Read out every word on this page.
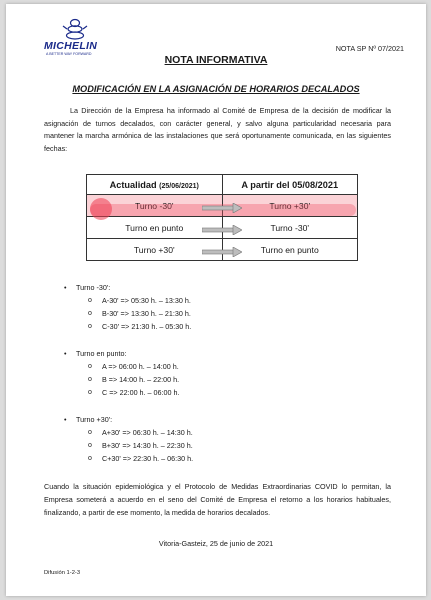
MICHELIN
A BETTER WAY FORWARD
NOTA SP Nº 07/2021
NOTA INFORMATIVA
MODIFICACIÓN EN LA ASIGNACIÓN DE HORARIOS DECALADOS

La Dirección de la Empresa ha informado al Comité de Empresa de la decisión de modificar la asignación de turnos decalados, con carácter general, y salvo alguna particularidad necesaria para mantener la marcha armónica de las instalaciones que será oportunamente comunicada, en las siguientes fechas:

Actualidad (25/06/2021)	A partir del 05/08/2021
Turno -30'	Turno +30'
Turno en punto	Turno -30'
Turno +30'	Turno en punto
• Turno -30':
o A-30' => 05:30 h. – 13:30 h.
o B-30' => 13:30 h. – 21:30 h.
o C-30' => 21:30 h. – 05:30 h.
• Turno en punto:
o A => 06:00 h. – 14:00 h.
o B => 14:00 h. – 22:00 h.
o C => 22:00 h. – 06:00 h.
• Turno +30':
o A+30' => 06:30 h. – 14:30 h.
o B+30' => 14:30 h. – 22:30 h.
o C+30' => 22:30 h. – 06:30 h.

Cuando la situación epidemiológica y el Protocolo de Medidas Extraordinarias COVID lo permitan, la Empresa someterá a acuerdo en el seno del Comité de Empresa el retorno a los horarios habituales, finalizando, a partir de ese momento, la medida de horarios decalados.

Vitoria-Gasteiz, 25 de junio de 2021
Difusión 1-2-3
